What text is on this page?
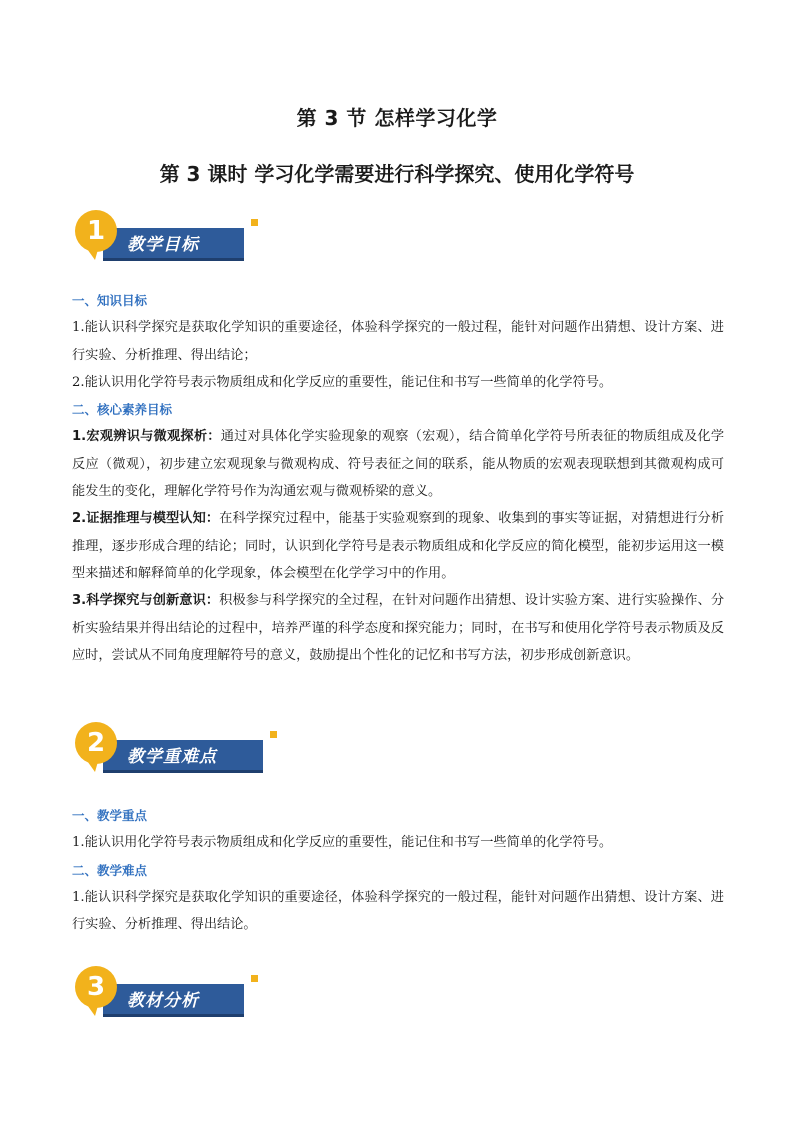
第 3 节 怎样学习化学
第 3 课时 学习化学需要进行科学探究、使用化学符号
教学目标
1

一、知识目标

1.能认识科学探究是获取化学知识的重要途径，体验科学探究的一般过程，能针对问题作出猜想、设计方案、进行实验、分析推理、得出结论；

2.能认识用化学符号表示物质组成和化学反应的重要性，能记住和书写一些简单的化学符号。

二、核心素养目标

1.宏观辨识与微观探析：通过对具体化学实验现象的观察（宏观），结合简单化学符号所表征的物质组成及化学反应（微观），初步建立宏观现象与微观构成、符号表征之间的联系，能从物质的宏观表现联想到其微观构成可能发生的变化，理解化学符号作为沟通宏观与微观桥梁的意义。

2.证据推理与模型认知：在科学探究过程中，能基于实验观察到的现象、收集到的事实等证据，对猜想进行分析推理，逐步形成合理的结论；同时，认识到化学符号是表示物质组成和化学反应的简化模型，能初步运用这一模型来描述和解释简单的化学现象，体会模型在化学学习中的作用。

3.科学探究与创新意识：积极参与科学探究的全过程，在针对问题作出猜想、设计实验方案、进行实验操作、分析实验结果并得出结论的过程中，培养严谨的科学态度和探究能力；同时，在书写和使用化学符号表示物质及反应时，尝试从不同角度理解符号的意义，鼓励提出个性化的记忆和书写方法，初步形成创新意识。

教学重难点
2

一、教学重点

1.能认识用化学符号表示物质组成和化学反应的重要性，能记住和书写一些简单的化学符号。

二、教学难点

1.能认识科学探究是获取化学知识的重要途径，体验科学探究的一般过程，能针对问题作出猜想、设计方案、进行实验、分析推理、得出结论。

教材分析
3
